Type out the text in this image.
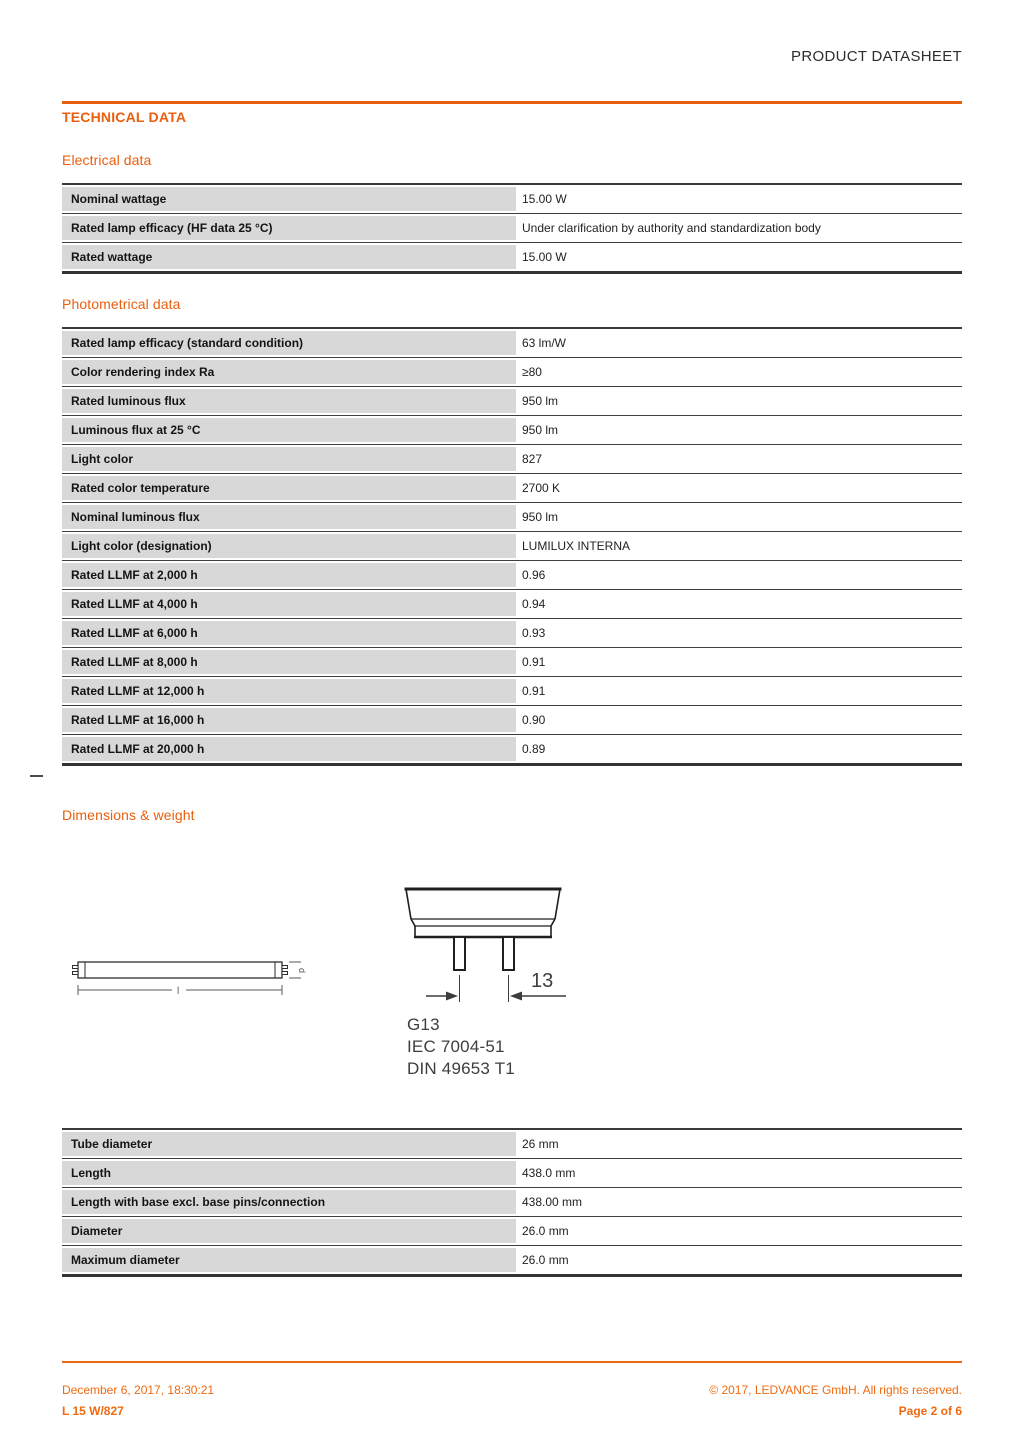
PRODUCT DATASHEET
TECHNICAL DATA
Electrical data
Nominal wattage	15.00 W
Rated lamp efficacy (HF data 25 °C)	Under clarification by authority and standardization body
Rated wattage	15.00 W
Photometrical data
Rated lamp efficacy (standard condition)	63 lm/W
Color rendering index Ra	≥80
Rated luminous flux	950 lm
Luminous flux at 25 °C	950 lm
Light color	827
Rated color temperature	2700 K
Nominal luminous flux	950 lm
Light color (designation)	LUMILUX INTERNA
Rated LLMF at 2,000 h	0.96
Rated LLMF at 4,000 h	0.94
Rated LLMF at 6,000 h	0.93
Rated LLMF at 8,000 h	0.91
Rated LLMF at 12,000 h	0.91
Rated LLMF at 16,000 h	0.90
Rated LLMF at 20,000 h	0.89
Dimensions & weight
d
l	13
G13
IEC 7004-51
DIN 49653 T1
Tube diameter	26 mm
Length	438.0 mm
Length with base excl. base pins/connection	438.00 mm
Diameter	26.0 mm
Maximum diameter	26.0 mm
December 6, 2017, 18:30:21
L 15 W/827
© 2017, LEDVANCE GmbH. All rights reserved.
Page 2 of 6
